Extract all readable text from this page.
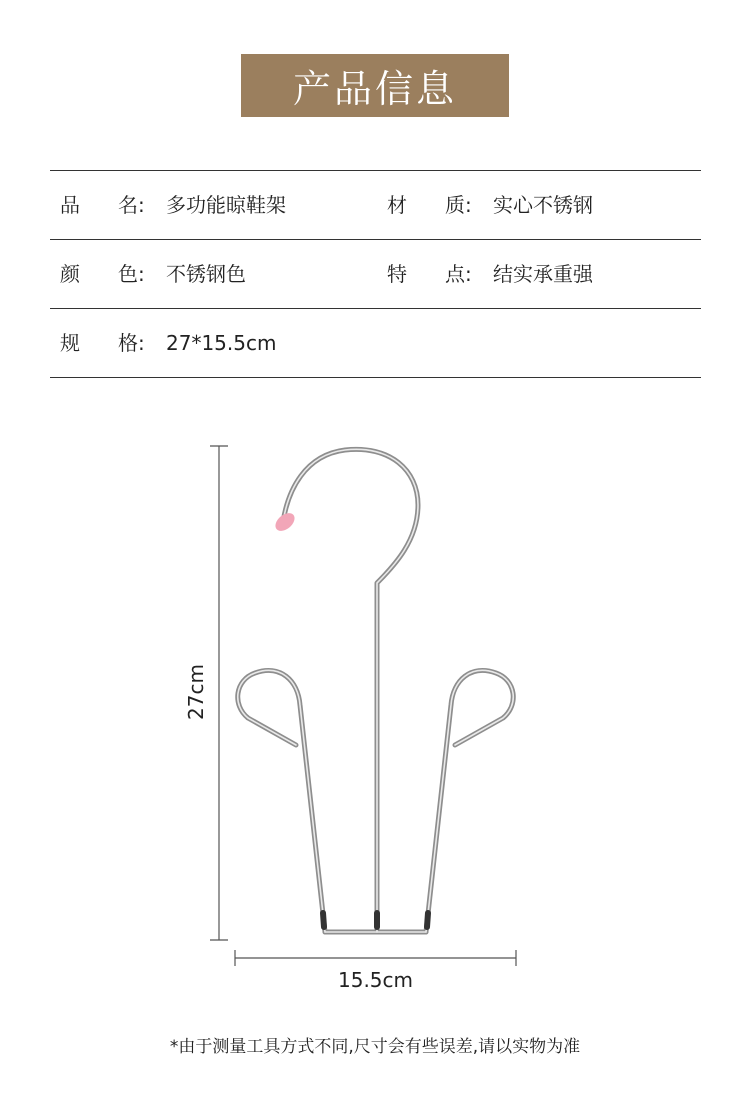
产品信息
品 名: 多功能晾鞋架	材 质: 实心不锈钢
颜 色: 不锈钢色	特 点: 结实承重强
规 格: 27*15.5cm
27cm
15.5cm
*由于测量工具方式不同,尺寸会有些误差,请以实物为准
